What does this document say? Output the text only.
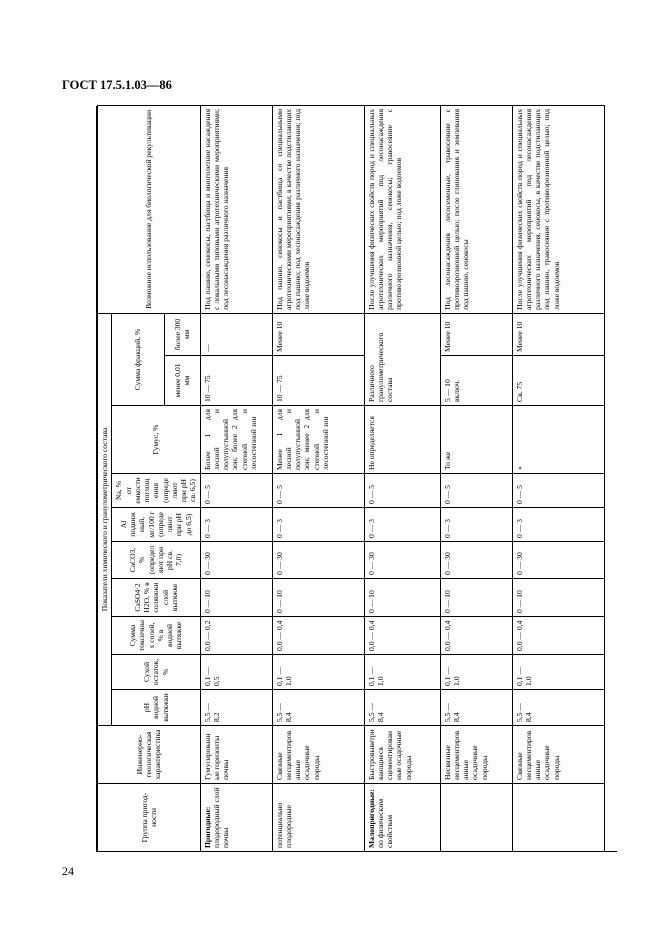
ГОСТ 17.5.1.03—86
Группа пригод-ности	Инженерно-геологическая характеристика	Показатели химического и гранулометрического состава										Возможное использование для биологической рекультивации
		pH водной вытяжки	Сухой остаток, %	Сумма токсичных солей, % в водной вытяжке	CaSO4·2H2O, % в солянокислой вытяжке	CaCO3, % (определяют при pH св. 7,0)	Al подвижный, мг/100 г (определяют при pH до 6,5)	Na, % от емкости поглощения (определяют при pH св. 6,5)	Гумус, %	Сумма фракций, %		
										менее 0,01 мм	более 300 мм	

Пригодные: плодородный слой почвы	Гумусированные горизонты почвы	5,5 — 8,2	0,1 — 0,5	0,0 — 0,2	0 — 10	0 — 30	0 — 3	0 — 5	Более 1 для лесной и полупустынной зон; более 2 для степной и лесостепной зон	10 — 75	—	Под пашню, сенокосы, пастбища и многолетние насаждения с локальными типовыми агротехническими мероприятиями; под лесонасаждения различного назначения

потенциально плодородные	Связные несцементированные осадочные породы	5,5 — 8,4	0,1 — 1,0	0,0 — 0,4	0 — 10	0 — 30	0 — 3	0 — 5	Менее 1 для лесной и полупустынной зон; менее 2 для степной и лесостепной зон	10 — 75	Менее 10	Под пашню, сенокосы и пастбища со специальными агротехническими мероприятиями; в качестве подстилающих под пашню; под лесонасаждения различного назначения; под ложе водоемов

Малопригодные: по физическим свойствам	Быстровыветривающиеся сцементированные осадочные породы	5,5 — 8,4	0,1 — 1,0	0,0 — 0,4	0 — 10	0 — 30	0 — 3	0 — 5	Не определяется	Различного гранулометрического состава		После улучшения физических свойств пород и специальных агротехнических мероприятий под лесонасаждения различного назначения, сенокосы; травосеяние с противоэрозионной целью; под ложе водоемов
	Несвязные несцементированные осадочные породы	5,5 — 8,4	0,1 — 1,0	0,0 — 0,4	0 — 10	0 — 30	0 — 3	0 — 5	То же	5 — 10 включ.	Менее 10	Под лесонасаждения лесосеменные, травосеяние с противоэрозионной целью; после глинования и землевания под пашню, сенокосы
	Связные несцементированные осадочные породы	5,5 — 8,4	0,1 — 1,0	0,0 — 0,4	0 — 10	0 — 30	0 — 3	0 — 5	»	Св. 75	Менее 10	После улучшения физических свойств пород и специальных агротехнических мероприятий под лесонасаждения различного назначения, сенокосы, в качестве подстилающих под пашню, травосеяние с противоэрозионной целью; под ложе водоемов
24
